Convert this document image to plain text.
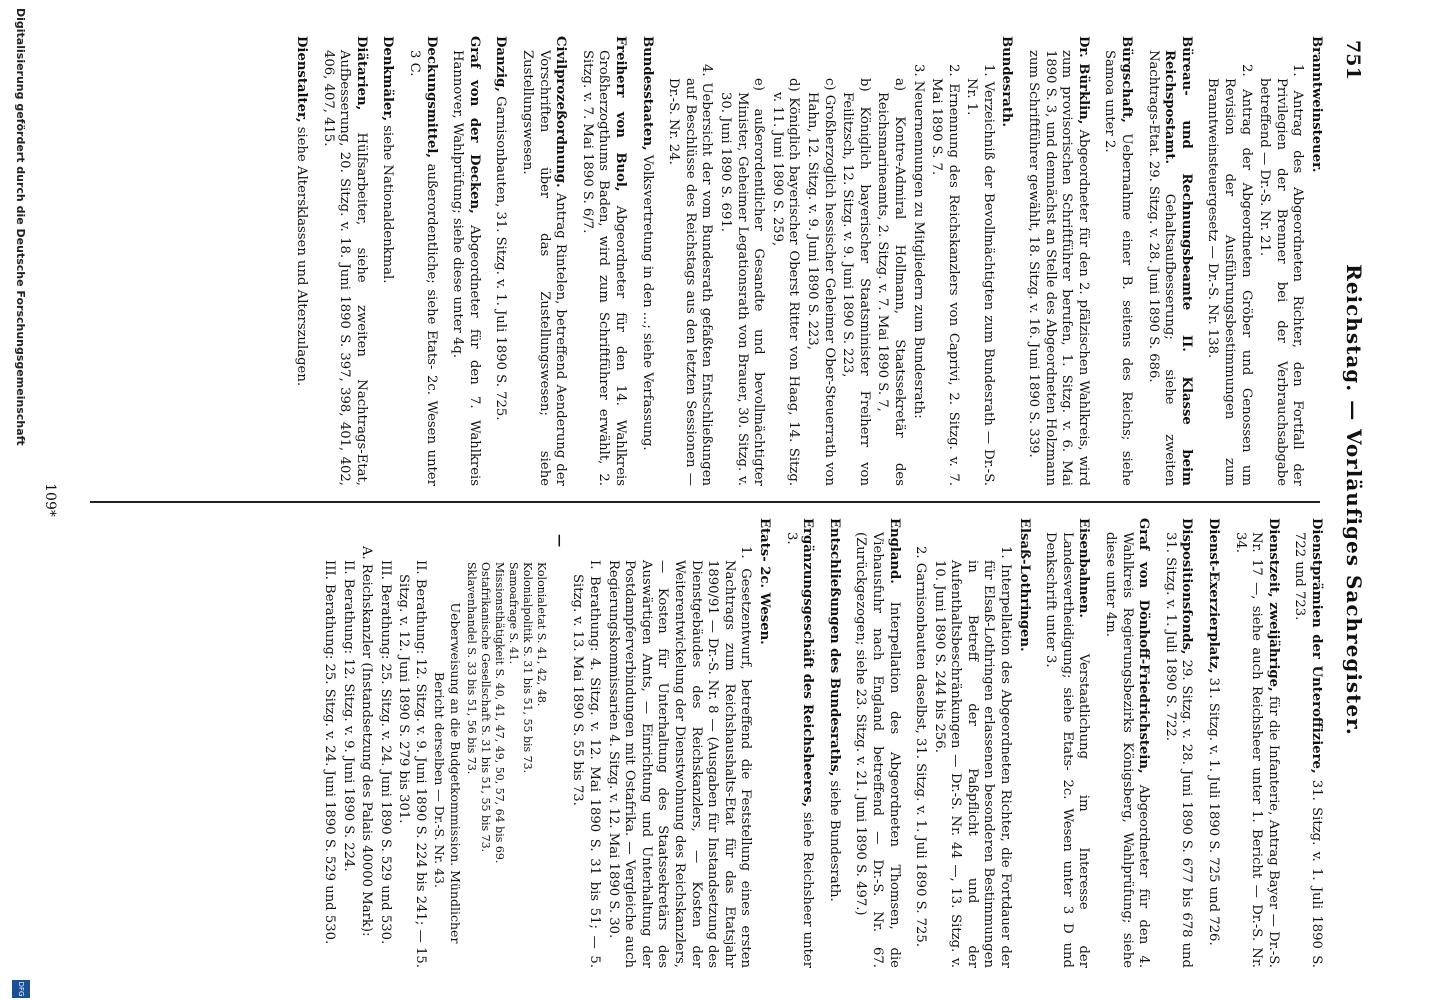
751
Reichstag. — Vorläufiges Sachregister.
Branntweinsteuer.
1. Antrag des Abgeordneten Richter, den Fortfall der Privilegien der Brenner bei der Verbrauchsabgabe betreffend — Dr.-S. Nr. 21.
2. Antrag der Abgeordneten Gröber und Genossen um Revision der Ausführungsbestimmungen zum Branntweinsteuergesetz — Dr.-S. Nr. 138.
Büreau- und Rechnungsbeamte II. Klasse beim Reichspostamt. Gehaltsaufbesserung; siehe zweiten Nachtrags-Etat. 29. Sitzg. v. 28. Juni 1890 S. 686.
Bürgschaft, Uebernahme einer B. seitens des Reichs; siehe Samoa unter 2.
Dr. Bürklin, Abgeordneter für den 2. pfälzischen Wahlkreis, wird zum provisorischen Schriftführer berufen, 1. Sitzg. v. 6. Mai 1890 S. 3, und demnächst an Stelle des Abgeordneten Holzmann zum Schriftführer gewählt, 18. Sitzg. v. 16. Juni 1890 S. 339.
Bundesrath.
1. Verzeichniß der Bevollmächtigten zum Bundesrath — Dr.-S. Nr. 1.
2. Ernennung des Reichskanzlers von Caprivi, 2. Sitzg. v. 7. Mai 1890 S. 7.
3. Neuernennungen zu Mitgliedern zum Bundesrath:
a) Kontre-Admiral Hollmann, Staatssekretär des Reichsmarineamts, 2. Sitzg. v. 7. Mai 1890 S. 7,
b) Königlich bayerischer Staatsminister Freiherr von Feilitzsch, 12. Sitzg. v. 9. Juni 1890 S. 223,
c) Großherzoglich hessischer Geheimer Ober-Steuerrath von Hahn, 12. Sitzg. v. 9. Juni 1890 S. 223,
d) Königlich bayerischer Oberst Ritter von Haag, 14. Sitzg. v. 11. Juni 1890 S. 259,
e) außerordentlicher Gesandte und bevollmächtigter Minister, Geheimer Legationsrath von Brauer, 30. Sitzg. v. 30. Juni 1890 S. 691.
4. Uebersicht der vom Bundesrath gefaßten Entschließungen auf Beschlüsse des Reichstags aus den letzten Sessionen — Dr.-S. Nr. 24.
Bundesstaaten, Volksvertretung in den ...; siehe Verfassung.
Freiherr von Buol, Abgeordneter für den 14. Wahlkreis Großherzogthums Baden, wird zum Schriftführer erwählt, 2. Sitzg. v. 7. Mai 1890 S. 6/7.
Civilprozeßordnung. Antrag Rintelen, betreffend Aenderung der Vorschriften über das Zustellungswesen; siehe Zustellungswesen.
Danzig, Garnisonbauten, 31. Sitzg. v. 1. Juli 1890 S. 725.
Graf von der Decken, Abgeordneter für den 7. Wahlkreis Hannover, Wahlprüfung; siehe diese unter 4q.
Deckungsmittel, außerordentliche; siehe Etats- 2c. Wesen unter 3 C.
Denkmäler, siehe Nationaldenkmal.
Diätarien, Hülfsarbeiter, siehe zweiten Nachtrags-Etat, Aufbesserung, 20. Sitzg. v. 18. Juni 1890 S. 397, 398, 401, 402, 406, 407, 415.
Dienstalter, siehe Altersklassen und Alterszulagen.
Dienstprämien der Unteroffiziere, 31. Sitzg. v. 1. Juli 1890 S. 722 und 723.
Dienstzeit, zweijährige, für die Infanterie, Antrag Bayer — Dr.-S. Nr. 17 —, siehe auch Reichsheer unter 1. Bericht — Dr.-S. Nr. 34.
Dienst-Exerzierplatz, 31. Sitzg. v. 1. Juli 1890 S. 725 und 726.
Dispositionsfonds, 29. Sitzg. v. 28. Juni 1890 S. 677 bis 678 und 31. Sitzg. v. 1. Juli 1890 S. 722.
Graf von Dönhoff-Friedrichstein, Abgeordneter für den 4. Wahlkreis Regierungsbezirks Königsberg, Wahlprüfung; siehe diese unter 4m.
Eisenbahnen. Verstaatlichung im Interesse der Landesvertheidigung; siehe Etats- 2c. Wesen unter 3 D und Denkschrift unter 3.
Elsaß-Lothringen.
1. Interpellation des Abgeordneten Richter, die Fortdauer der für Elsaß-Lothringen erlassenen besonderen Bestimmungen in Betreff der Paßpflicht und der Aufenthaltsbeschränkungen — Dr.-S. Nr. 44 —, 13. Sitzg. v. 10. Juni 1890 S. 244 bis 256.
2. Garnisonbauten daselbst, 31. Sitzg. v. 1. Juli 1890 S. 725.
England. Interpellation des Abgeordneten Thomsen, die Viehausfuhr nach England betreffend — Dr.-S. Nr. 67. (Zurückgezogen; siehe 23. Sitzg. v. 21. Juni 1890 S. 497.)
Entschließungen des Bundesraths, siehe Bundesrath.
Ergänzungsgeschäft des Reichsheeres, siehe Reichsheer unter 3.
Etats- 2c. Wesen.
1. Gesetzentwurf, betreffend die Feststellung eines ersten Nachtrags zum Reichshaushalts-Etat für das Etatsjahr 1890/91 — Dr.-S. Nr. 8 — (Ausgaben für Instandsetzung des Dienstgebäudes des Reichskanzlers, — Kosten der Weiterentwickelung der Dienstwohnung des Reichskanzlers, — Kosten für Unterhaltung des Staatssekretärs des Auswärtigen Amts, — Einrichtung und Unterhaltung der Postdampferverbindungen mit Ostafrika. — Vergleiche auch Regierungskommissarien 4. Sitzg. v. 12. Mai 1890 S. 30.
I. Berathung: 4. Sitzg. v. 12. Mai 1890 S. 31 bis 51; — 5. Sitzg. v. 13. Mai 1890 S. 55 bis 73.
—
Kolonialetat S. 41, 42, 48.
Kolonialpolitik S. 31 bis 51, 55 bis 73.
Samoafrage S. 41.
Missionsthätigkeit S. 40, 41, 47, 49, 50, 57, 64 bis 69.
Ostafrikanische Gesellschaft S. 31 bis 51, 55 bis 73.
Sklavenhandel S. 33 bis 51, 56 bis 73.
Ueberweisung an die Budgetkommission. Mündlicher Bericht derselben — Dr.-S. Nr. 43.
II. Berathung: 12. Sitzg. v. 9. Juni 1890 S. 224 bis 241; — 15. Sitzg. v. 12. Juni 1890 S. 279 bis 301.
III. Berathung: 25. Sitzg. v. 24. Juni 1890 S. 529 und 530.
A. Reichskanzler (Instandsetzung des Palais 40000 Mark):
II. Berathung: 12. Sitzg. v. 9. Juni 1890 S. 224.
III. Berathung: 25. Sitzg. v. 24. Juni 1890 S. 529 und 530.
109*
Digitalisierung gefördert durch die Deutsche Forschungsgemeinschaft
DFG
